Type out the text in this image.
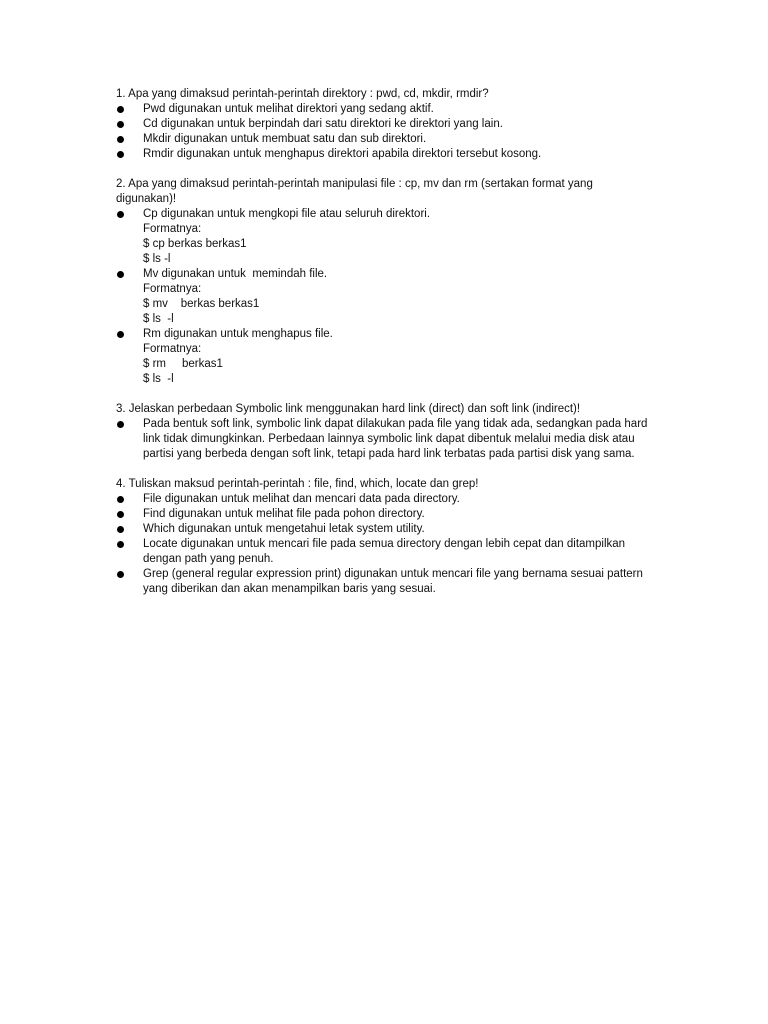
1. Apa yang dimaksud perintah-perintah direktory : pwd, cd, mkdir, rmdir?

Pwd digunakan untuk melihat direktori yang sedang aktif.
Cd digunakan untuk berpindah dari satu direktori ke direktori yang lain.
Mkdir digunakan untuk membuat satu dan sub direktori.
Rmdir digunakan untuk menghapus direktori apabila direktori tersebut kosong.

2. Apa yang dimaksud perintah-perintah manipulasi file : cp, mv dan rm (sertakan format yang digunakan)!

Cp digunakan untuk mengkopi file atau seluruh direktori.
Formatnya:
$ cp berkas berkas1
$ ls -l
Mv digunakan untuk  memindah file.
Formatnya:
$ mv    berkas berkas1
$ ls  -l
Rm digunakan untuk menghapus file.
Formatnya:
$ rm     berkas1
$ ls  -l

3. Jelaskan perbedaan Symbolic link menggunakan hard link (direct) dan soft link (indirect)!

Pada bentuk soft link, symbolic link dapat dilakukan pada file yang tidak ada, sedangkan pada hard link tidak dimungkinkan. Perbedaan lainnya symbolic link dapat dibentuk melalui media disk atau partisi yang berbeda dengan soft link, tetapi pada hard link terbatas pada partisi disk yang sama.

4. Tuliskan maksud perintah-perintah : file, find, which, locate dan grep!

File digunakan untuk melihat dan mencari data pada directory.
Find digunakan untuk melihat file pada pohon directory.
Which digunakan untuk mengetahui letak system utility.
Locate digunakan untuk mencari file pada semua directory dengan lebih cepat dan ditampilkan dengan path yang penuh.
Grep (general regular expression print) digunakan untuk mencari file yang bernama sesuai pattern yang diberikan dan akan menampilkan baris yang sesuai.
